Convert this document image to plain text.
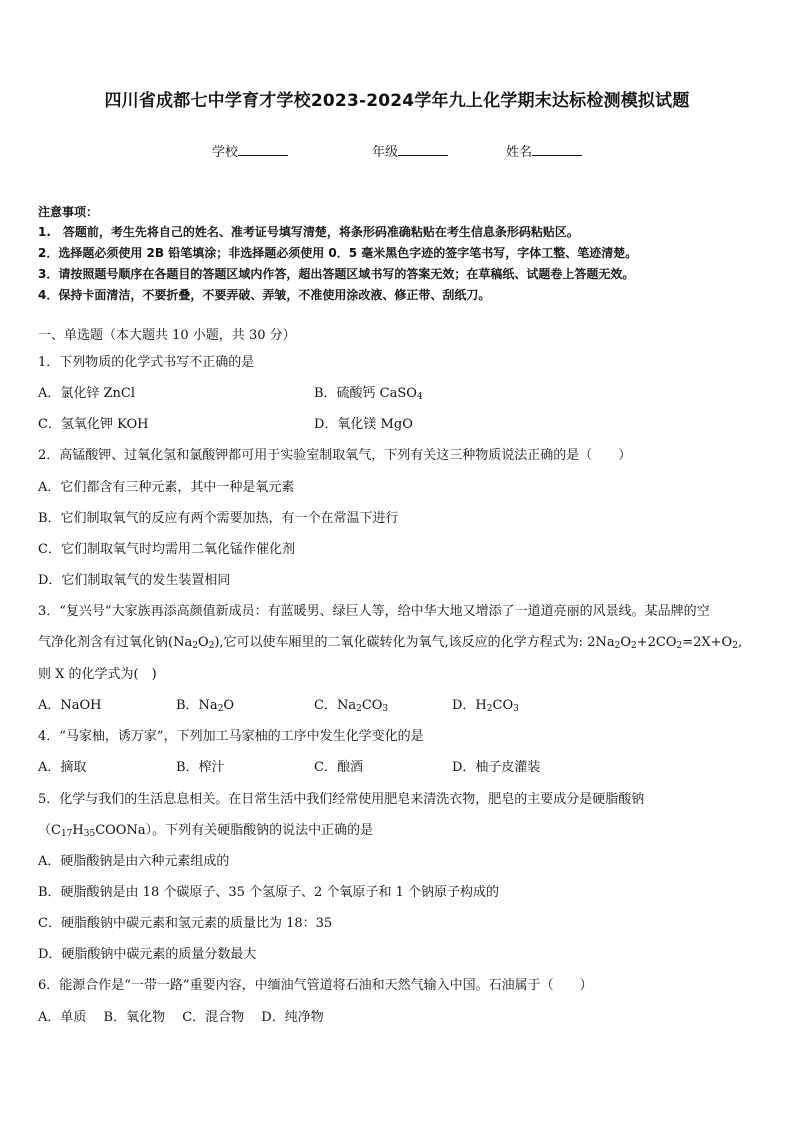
四川省成都七中学育才学校2023-2024学年九上化学期末达标检测模拟试题
学校	年级	姓名
注意事项：
1.　答题前，考生先将自己的姓名、准考证号填写清楚，将条形码准确粘贴在考生信息条形码粘贴区。
2．选择题必须使用 2B 铅笔填涂；非选择题必须使用 0．5 毫米黑色字迹的签字笔书写，字体工整、笔迹清楚。
3．请按照题号顺序在各题目的答题区域内作答，超出答题区域书写的答案无效；在草稿纸、试题卷上答题无效。
4．保持卡面清洁，不要折叠，不要弄破、弄皱，不准使用涂改液、修正带、刮纸刀。
一、单选题（本大题共 10 小题，共 30 分）
1．下列物质的化学式书写不正确的是
A．氯化锌 ZnCl	B．硫酸钙 CaSO$_4$
C．氢氧化钾 KOH	D．氧化镁 MgO
2．高锰酸钾、过氧化氢和氯酸钾都可用于实验室制取氧气，下列有关这三种物质说法正确的是（　　）
A．它们都含有三种元素，其中一种是氧元素
B．它们制取氧气的反应有两个需要加热，有一个在常温下进行
C．它们制取氧气时均需用二氧化锰作催化剂
D．它们制取氧气的发生装置相同
3．“复兴号”大家族再添高颜值新成员：有蓝暖男、绿巨人等，给中华大地又增添了一道道亮丽的风景线。某品牌的空
气净化剂含有过氧化钠$(Na_2O_2)$,它可以使车厢里的二氧化碳转化为氧气,该反应的化学方程式为: $2Na_2O_2+2CO_2=2X+O_2$,
则 X 的化学式为(　)
A．NaOH	B．$Na_2O$	C．$Na_2CO_3$	D．$H_2CO_3$
4．“马家柚，诱万家”，下列加工马家柚的工序中发生化学变化的是
A．摘取	B．榨汁	C．酿酒	D．柚子皮灌装
5．化学与我们的生活息息相关。在日常生活中我们经常使用肥皂来清洗衣物，肥皂的主要成分是硬脂酸钠
$(C_{17}H_{35}COONa)$。下列有关硬脂酸钠的说法中正确的是
A．硬脂酸钠是由六种元素组成的
B．硬脂酸钠是由 18 个碳原子、35 个氢原子、2 个氧原子和 1 个钠原子构成的
C．硬脂酸钠中碳元素和氢元素的质量比为 18：35
D．硬脂酸钠中碳元素的质量分数最大
6．能源合作是“一带一路”重要内容，中缅油气管道将石油和天然气输入中国。石油属于（　　）
A．单质　 B．氧化物　 C．混合物　 D．纯净物
